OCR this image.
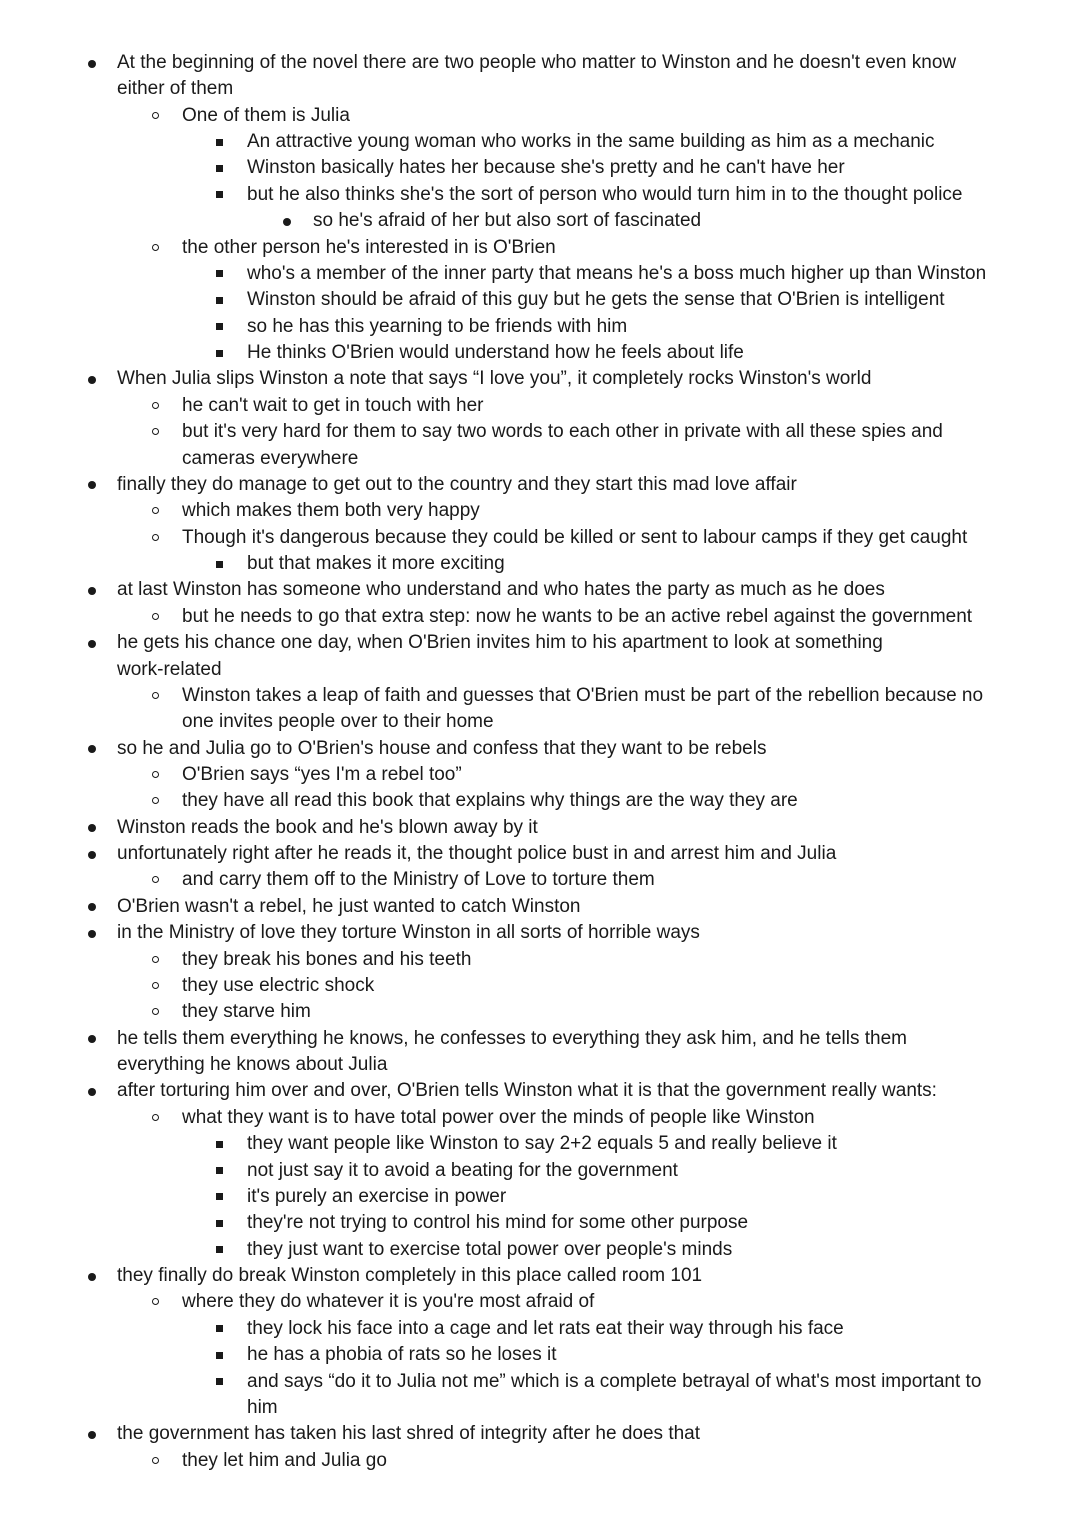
At the beginning of the novel there are two people who matter to Winston and he doesn't even know
either of them
One of them is Julia
An attractive young woman who works in the same building as him as a mechanic
Winston basically hates her because she's pretty and he can't have her
but he also thinks she's the sort of person who would turn him in to the thought police
so he's afraid of her but also sort of fascinated
the other person he's interested in is O'Brien
who's a member of the inner party that means he's a boss much higher up than Winston
Winston should be afraid of this guy but he gets the sense that O'Brien is intelligent
so he has this yearning to be friends with him
He thinks O'Brien would understand how he feels about life
When Julia slips Winston a note that says “I love you”, it completely rocks Winston's world
he can't wait to get in touch with her
but it's very hard for them to say two words to each other in private with all these spies and
cameras everywhere
finally they do manage to get out to the country and they start this mad love affair
which makes them both very happy
Though it's dangerous because they could be killed or sent to labour camps if they get caught
but that makes it more exciting
at last Winston has someone who understand and who hates the party as much as he does
but he needs to go that extra step: now he wants to be an active rebel against the government
he gets his chance one day, when O'Brien invites him to his apartment to look at something
work-related
Winston takes a leap of faith and guesses that O'Brien must be part of the rebellion because no
one invites people over to their home
so he and Julia go to O'Brien's house and confess that they want to be rebels
O'Brien says “yes I'm a rebel too”
they have all read this book that explains why things are the way they are
Winston reads the book and he's blown away by it
unfortunately right after he reads it, the thought police bust in and arrest him and Julia
and carry them off to the Ministry of Love to torture them
O'Brien wasn't a rebel, he just wanted to catch Winston
in the Ministry of love they torture Winston in all sorts of horrible ways
they break his bones and his teeth
they use electric shock
they starve him
he tells them everything he knows, he confesses to everything they ask him, and he tells them
everything he knows about Julia
after torturing him over and over, O'Brien tells Winston what it is that the government really wants:
what they want is to have total power over the minds of people like Winston
they want people like Winston to say 2+2 equals 5 and really believe it
not just say it to avoid a beating for the government
it's purely an exercise in power
they're not trying to control his mind for some other purpose
they just want to exercise total power over people's minds
they finally do break Winston completely in this place called room 101
where they do whatever it is you're most afraid of
they lock his face into a cage and let rats eat their way through his face
he has a phobia of rats so he loses it
and says “do it to Julia not me” which is a complete betrayal of what's most important to
him
the government has taken his last shred of integrity after he does that
they let him and Julia go
